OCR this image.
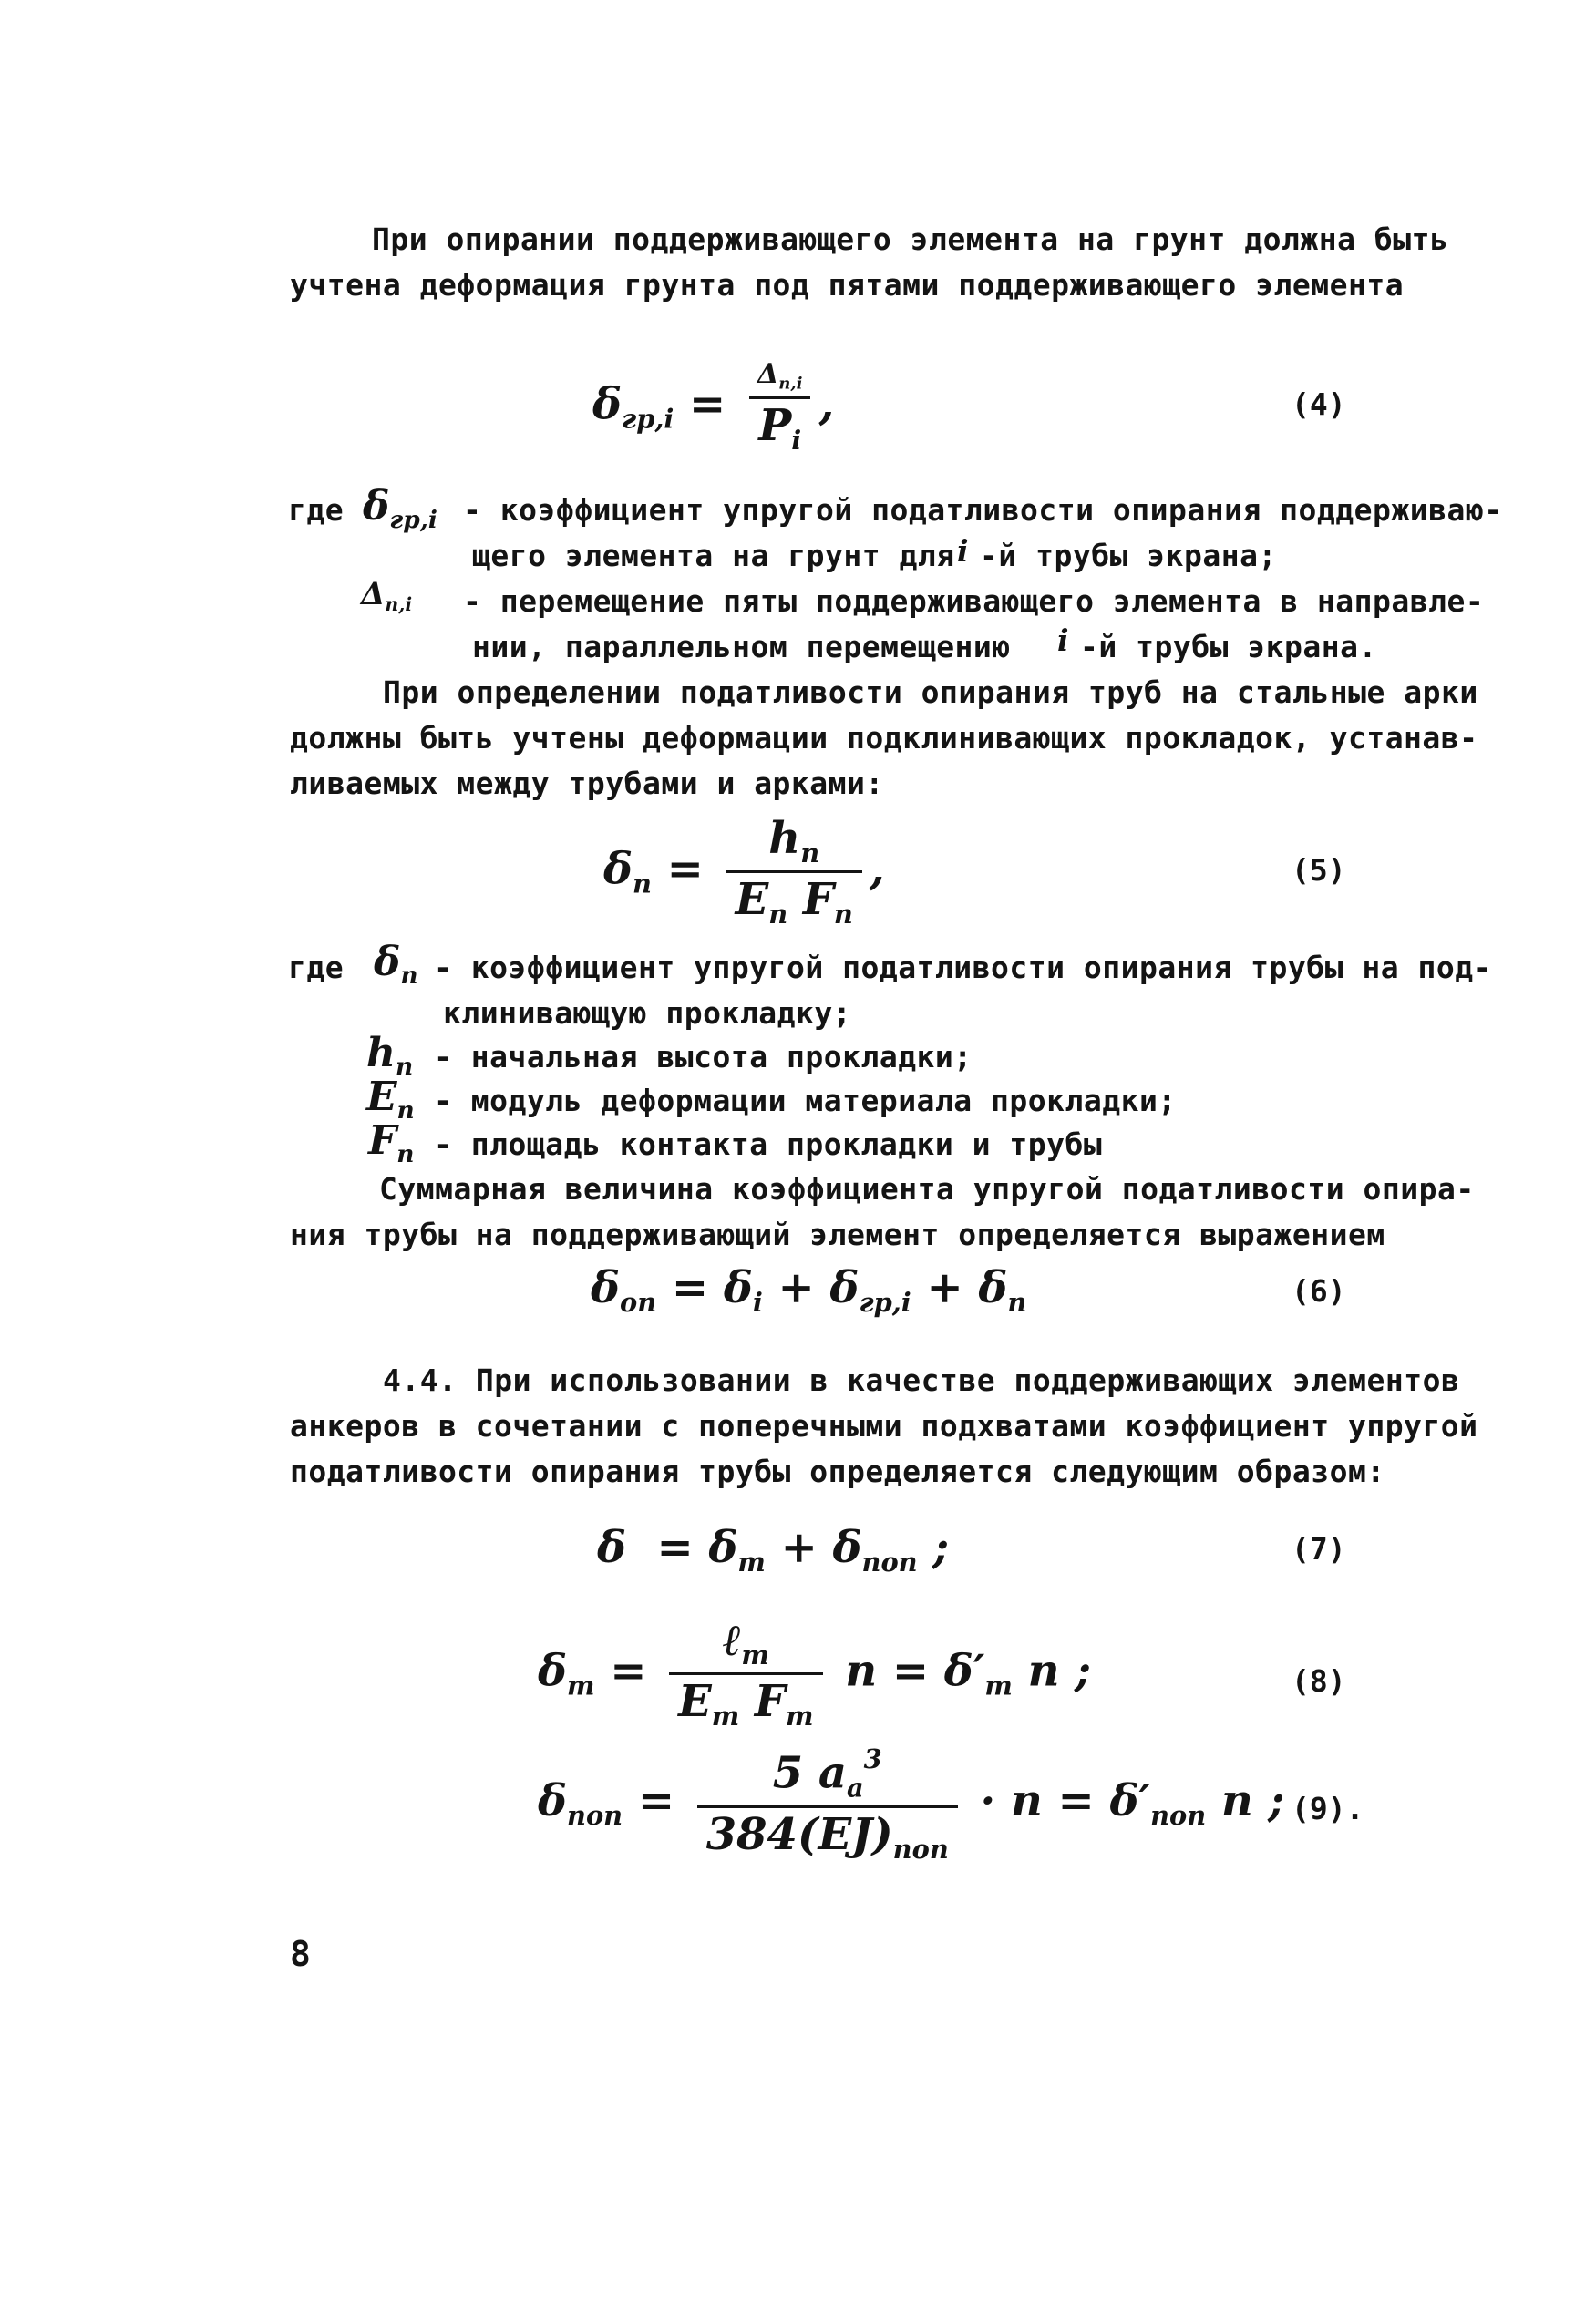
При опирании поддерживающего элемента на грунт должна быть
учтена деформация грунта под пятами поддерживающего элемента
$\delta_{гр,i} = \frac{\Delta_{п,i}}{P_i}$ ,	(4)
где $\delta_{гр,i}$ - коэффициент упругой податливости опирания поддерживаю-
щего элемента на грунт для i -й трубы экрана;
$\Delta_{п,i}$ - перемещение пяты поддерживающего элемента в направле-
нии, параллельном перемещению i -й трубы экрана.
При определении податливости опирания труб на стальные арки
должны быть учтены деформации подклинивающих прокладок, устанав-
ливаемых между трубами и арками:
$\delta_п = \frac{h_п}{E_п F_п}$ ,	(5)
где $\delta_п$ - коэффициент упругой податливости опирания трубы на под-
клинивающую прокладку;
$h_п$ - начальная высота прокладки;
$E_п$ - модуль деформации материала прокладки;
$F_п$ - площадь контакта прокладки и трубы
Суммарная величина коэффициента упругой податливости опира-
ния трубы на поддерживающий элемент определяется выражением
$\delta_{оп} = \delta_i + \delta_{гр,i} + \delta_п$	(6)
4.4. При использовании в качестве поддерживающих элементов
анкеров в сочетании с поперечными подхватами коэффициент упругой
податливости опирания трубы определяется следующим образом:
$\delta = \delta_т + \delta_{поп}$ ;	(7)
$\delta_т = \frac{\ell_т}{E_т F_т}$ $n = \delta'_т$ n ;	(8)
$\delta_{поп} = \frac{5 a_a^3}{384(EJ)_{поп}} \cdot n = \delta'_{поп}$ n ; (9).
8
